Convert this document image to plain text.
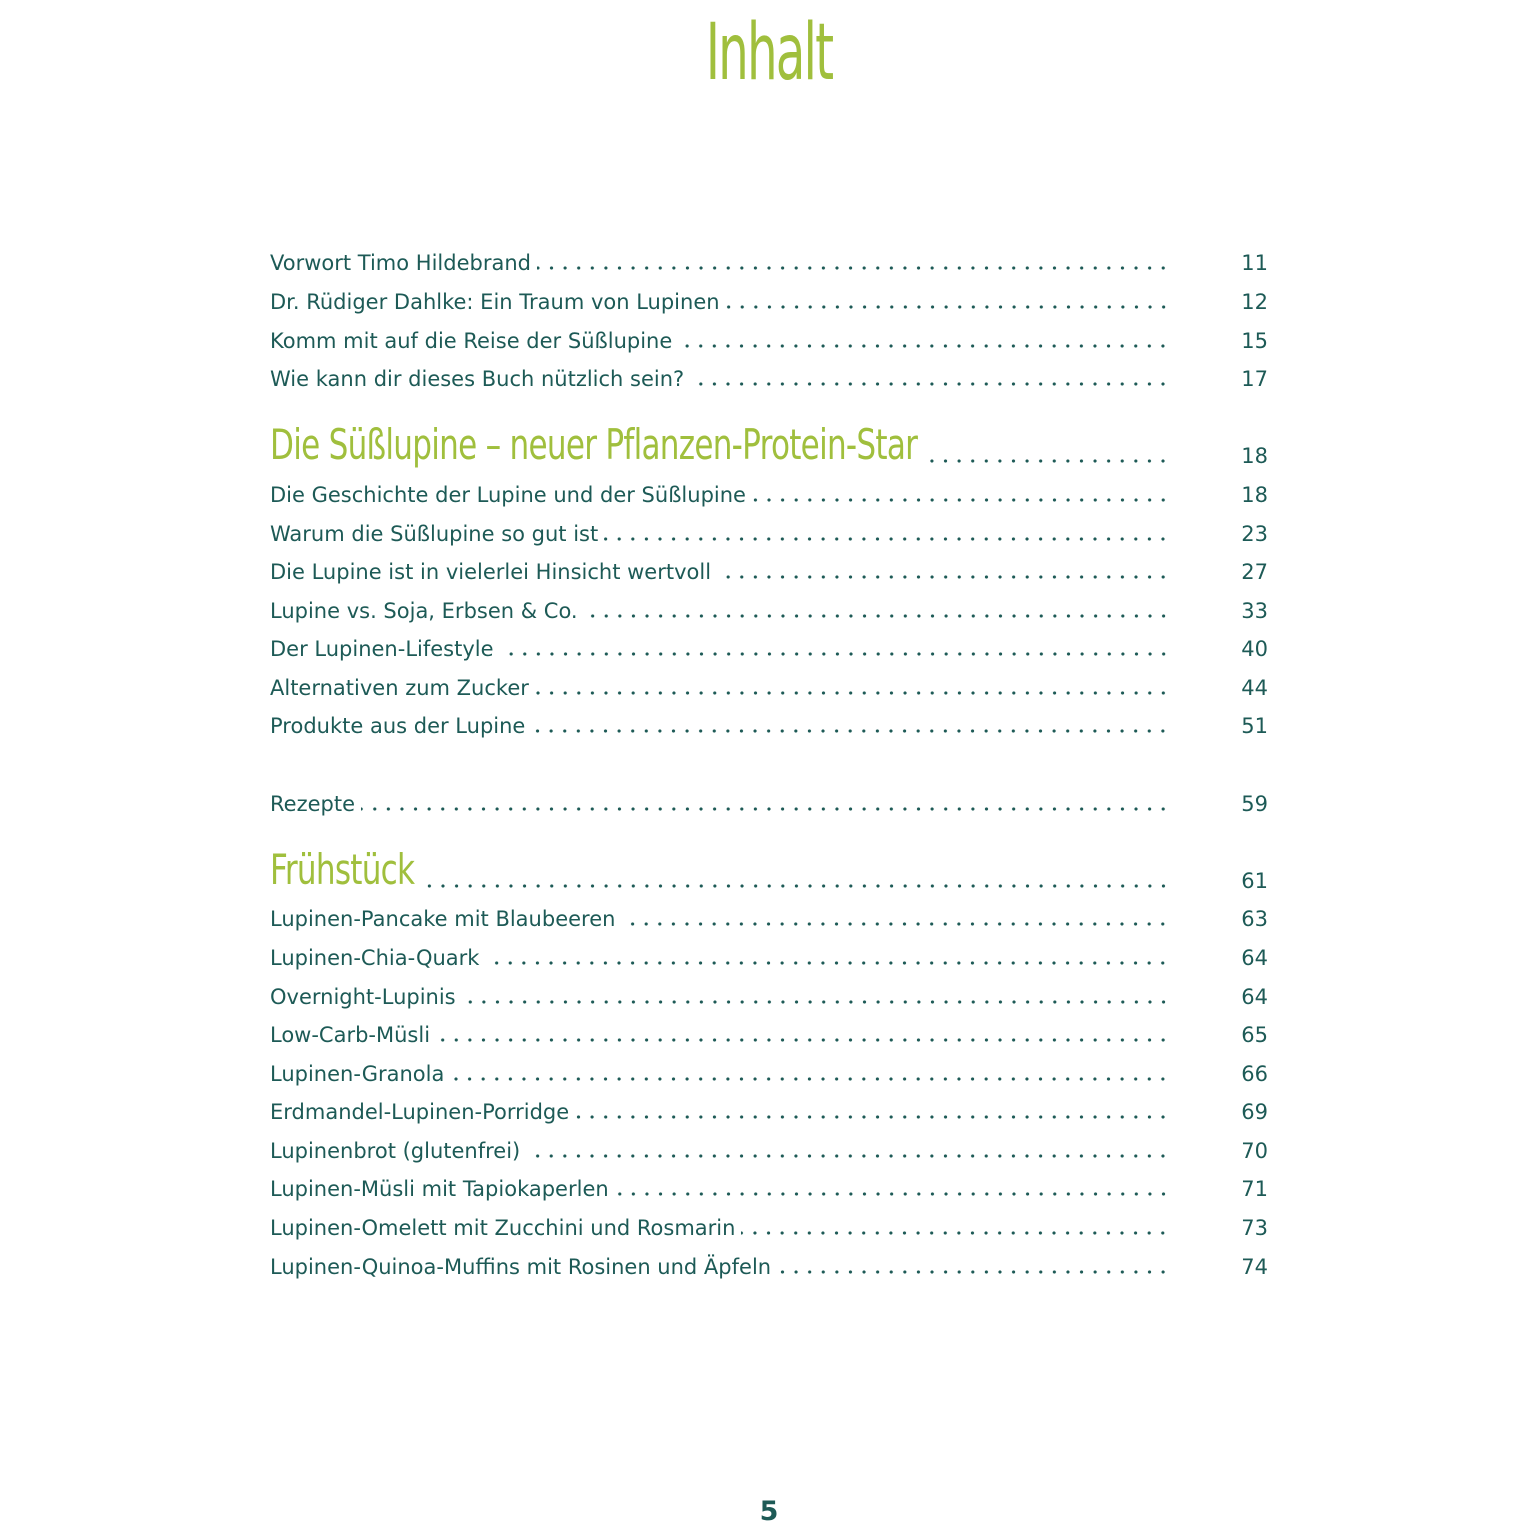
Inhalt
Vorwort Timo Hildebrand	11
Dr. Rüdiger Dahlke: Ein Traum von Lupinen	12
Komm mit auf die Reise der Süßlupine	15
Wie kann dir dieses Buch nützlich sein?	17
Die Süßlupine – neuer Pflanzen-Protein-Star	18
Die Geschichte der Lupine und der Süßlupine	18
Warum die Süßlupine so gut ist	23
Die Lupine ist in vielerlei Hinsicht wertvoll	27
Lupine vs. Soja, Erbsen & Co.	33
Der Lupinen-Lifestyle	40
Alternativen zum Zucker	44
Produkte aus der Lupine	51
Rezepte	59
Frühstück	61
Lupinen-Pancake mit Blaubeeren	63
Lupinen-Chia-Quark	64
Overnight-Lupinis	64
Low-Carb-Müsli	65
Lupinen-Granola	66
Erdmandel-Lupinen-Porridge	69
Lupinenbrot (glutenfrei)	70
Lupinen-Müsli mit Tapiokaperlen	71
Lupinen-Omelett mit Zucchini und Rosmarin	73
Lupinen-Quinoa-Muffins mit Rosinen und Äpfeln	74
5
